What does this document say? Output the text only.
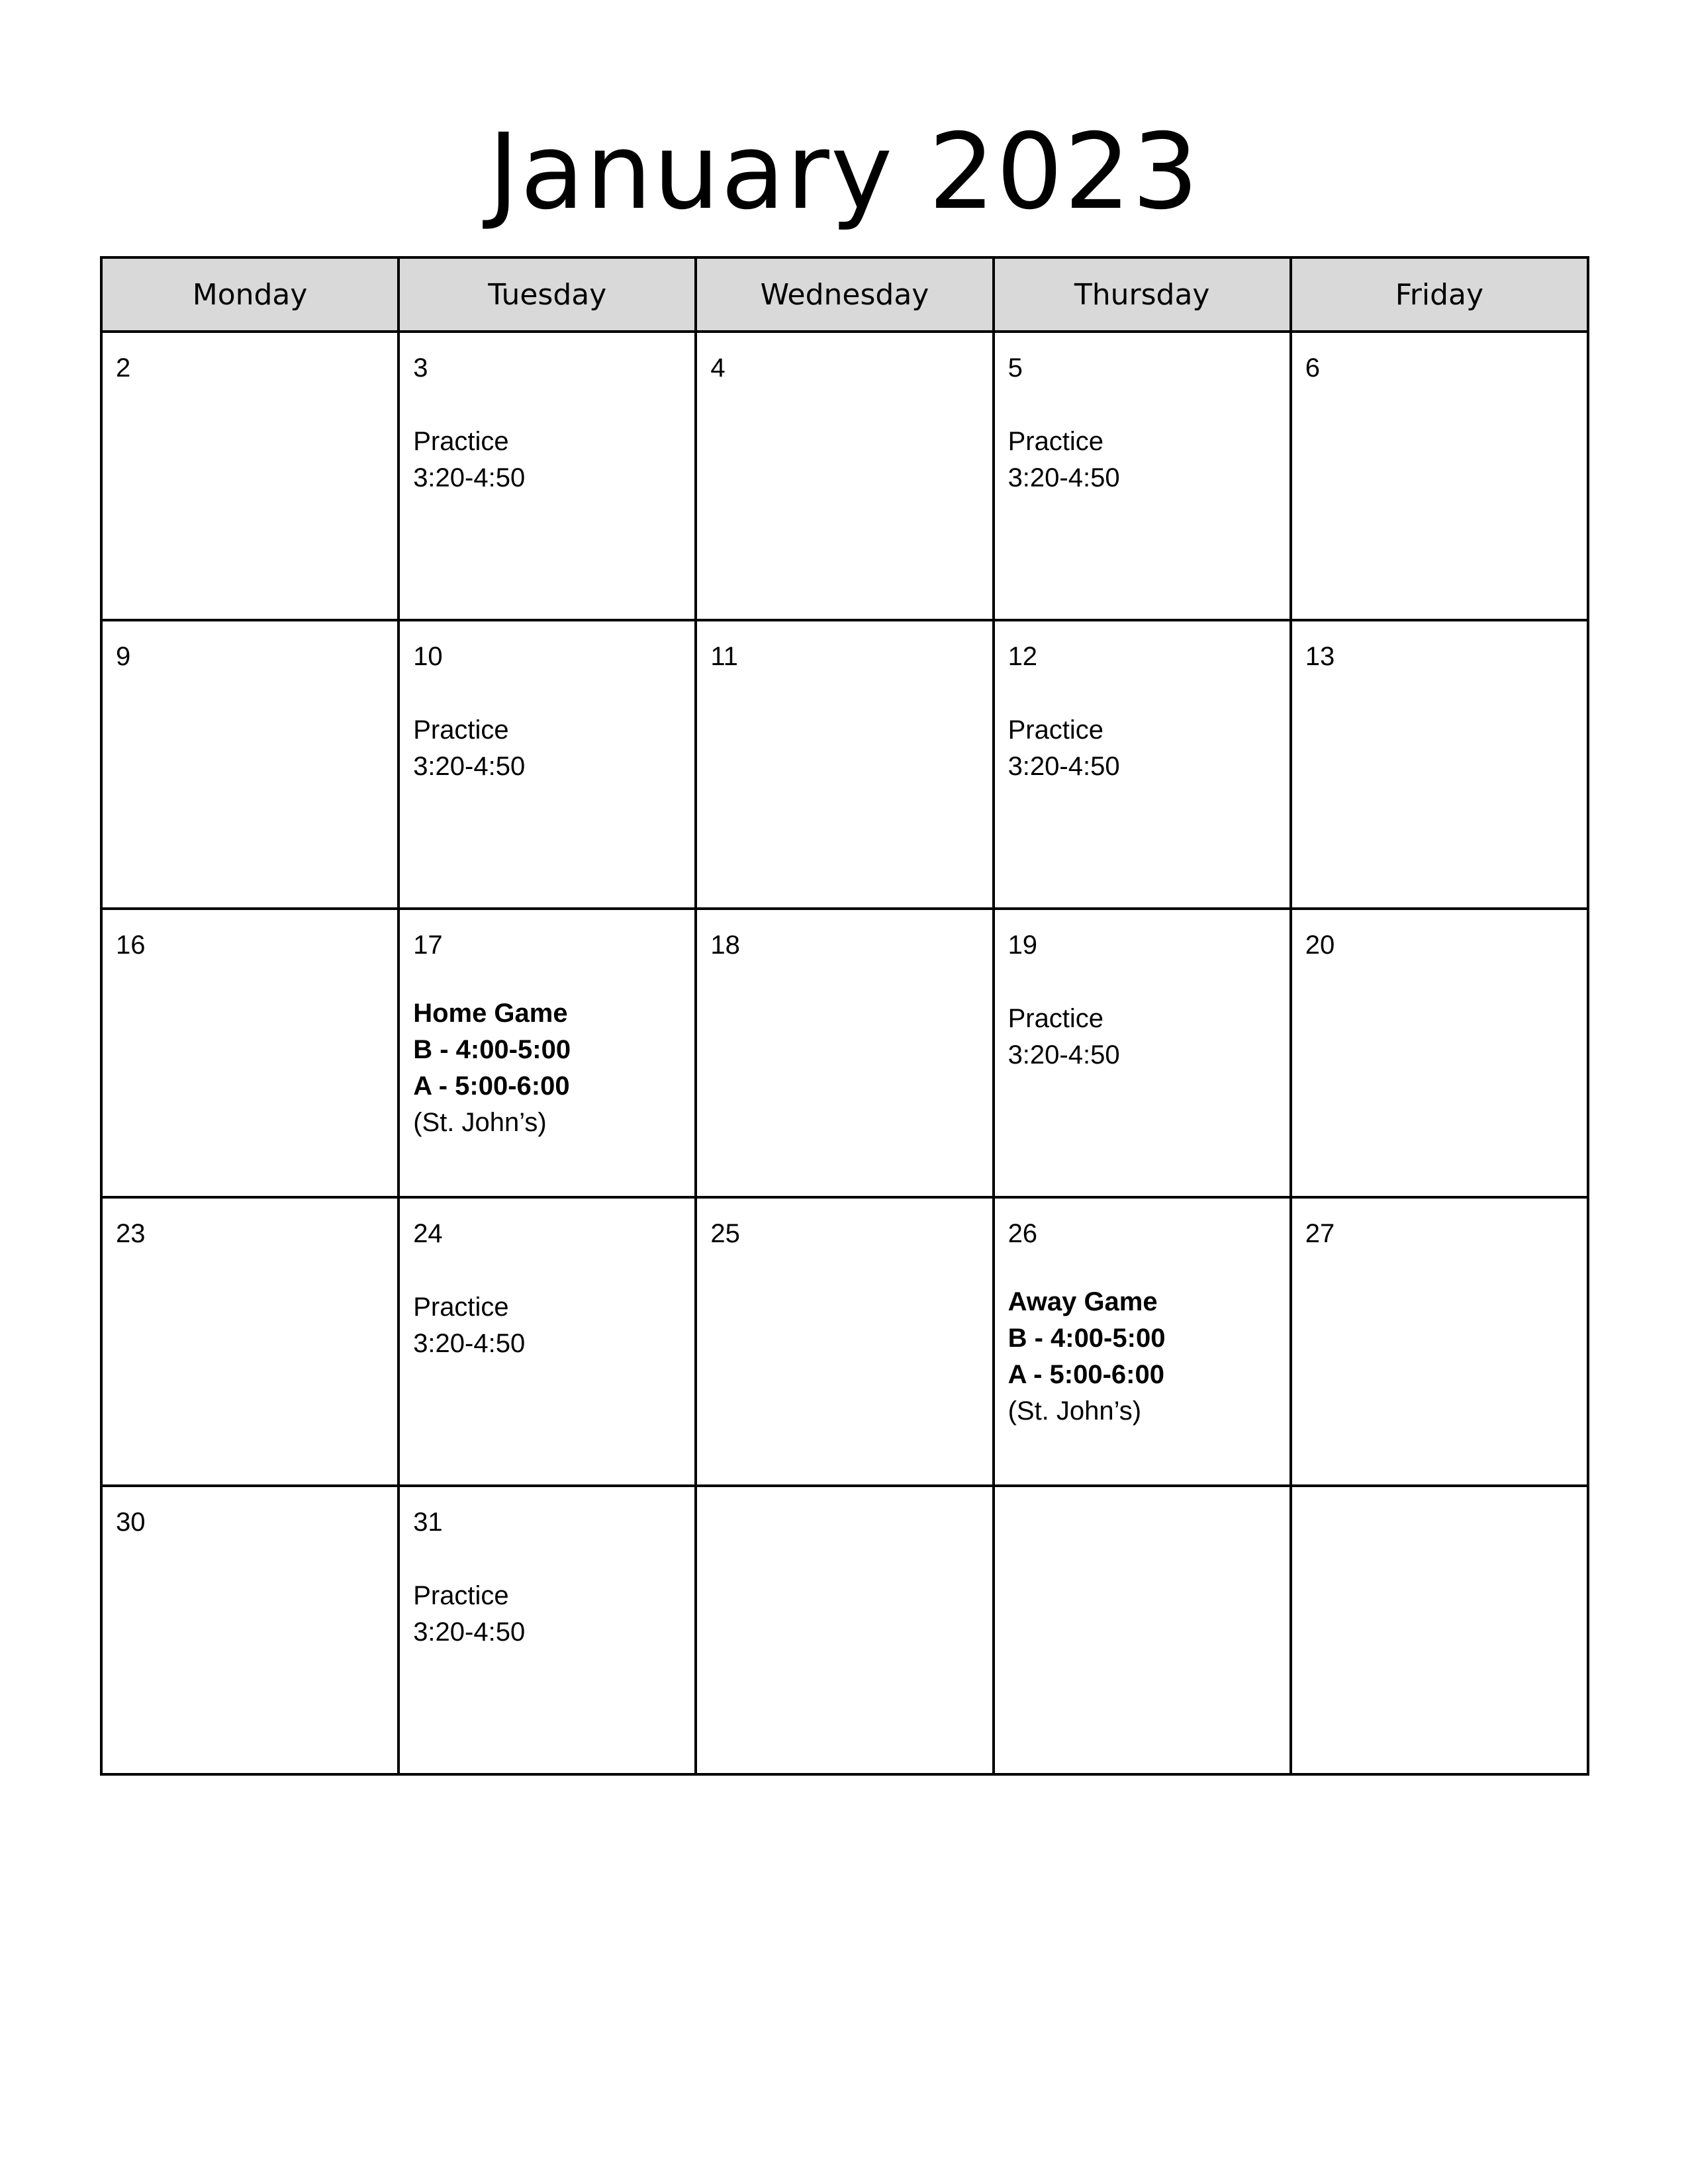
January 2023
Monday	Tuesday	Wednesday	Thursday	Friday

2	3
Practice
3:20-4:50	4	5
Practice
3:20-4:50	6

9	10
Practice
3:20-4:50	11	12
Practice
3:20-4:50	13

16	17
Home Game
B - 4:00-5:00
A - 5:00-6:00
(St. John’s)	18	19
Practice
3:20-4:50	20

23	24
Practice
3:20-4:50	25	26
Away Game
B - 4:00-5:00
A - 5:00-6:00
(St. John’s)	27

30	31
Practice
3:20-4:50			
